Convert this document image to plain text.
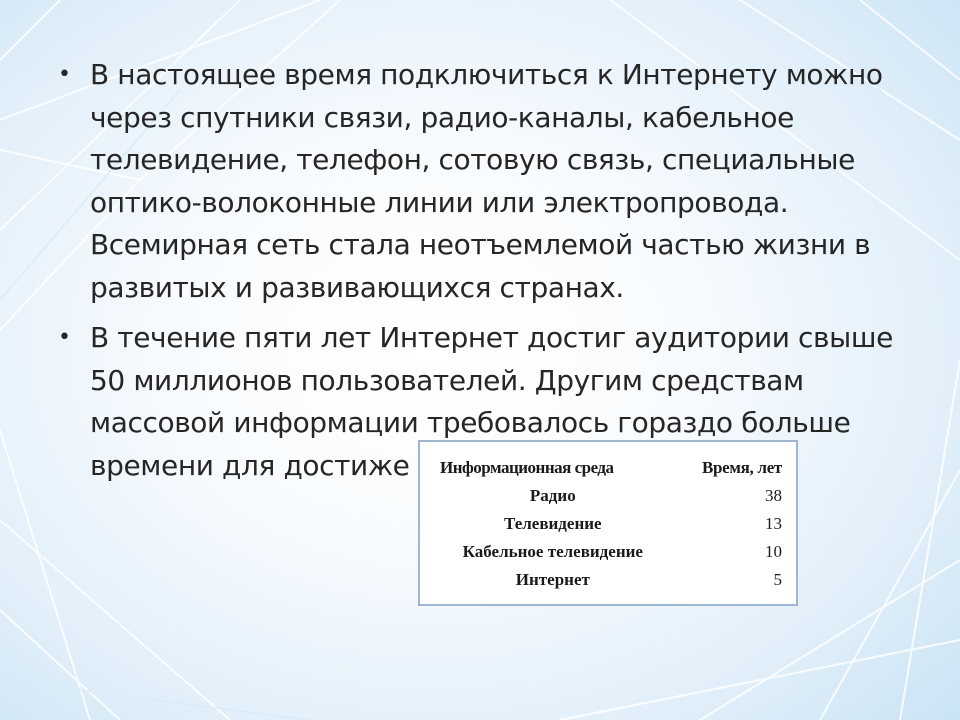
• В настоящее время подключиться к Интернету можно через спутники связи, радио-каналы, кабельное телевидение, телефон, сотовую связь, специальные оптико-волоконные линии или электропровода. Всемирная сеть стала неотъемлемой частью жизни в развитых и развивающихся странах.
• В течение пяти лет Интернет достиг аудитории свыше 50 миллионов пользователей. Другим средствам массовой информации требовалось гораздо больше времени для достиже	Информационная среда	Время, лет
Радио	38
Телевидение	13
Кабельное телевидение	10
Интернет	5
